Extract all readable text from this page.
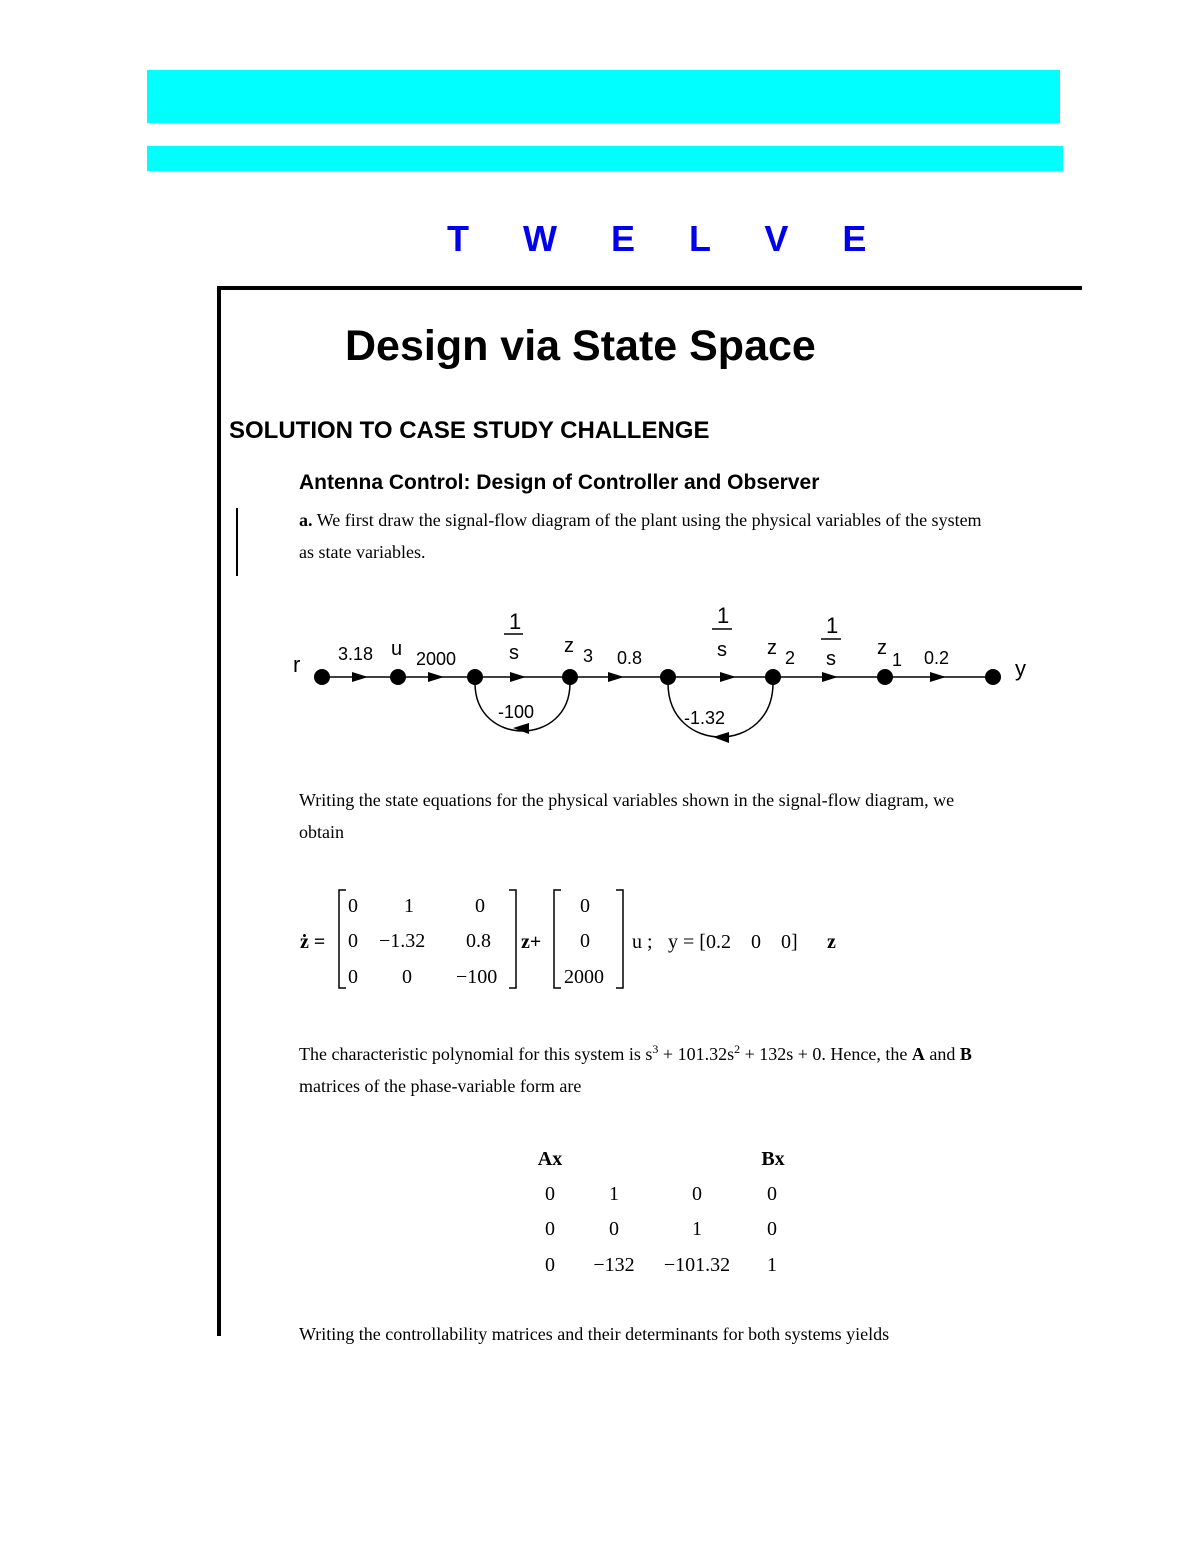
T W E L V E
Design via State Space
SOLUTION TO CASE STUDY CHALLENGE
Antenna Control: Design of Controller and Observer
a. We first draw the signal-flow diagram of the plant using the physical variables of the system
as state variables.
r 3.18 u 2000
1
s z 3 0.8
1
s z 2
1
s z
1 0.2	y
-100	-1.32
Writing the state equations for the physical variables shown in the signal-flow diagram, we
obtain
ż =
0 1	0
0 −1.32 0.8
0 0 −100
z+
0
0
2000
u ; y = [0.2    0    0] z
The characteristic polynomial for this system is $s^3 + 101.32s^2 + 132s + 0$. Hence, the A and B
matrices of the phase-variable form are
Ax	Bx
0	1	0	0
0	0	1	0
0 −132 −101.32 1
Writing the controllability matrices and their determinants for both systems yields
